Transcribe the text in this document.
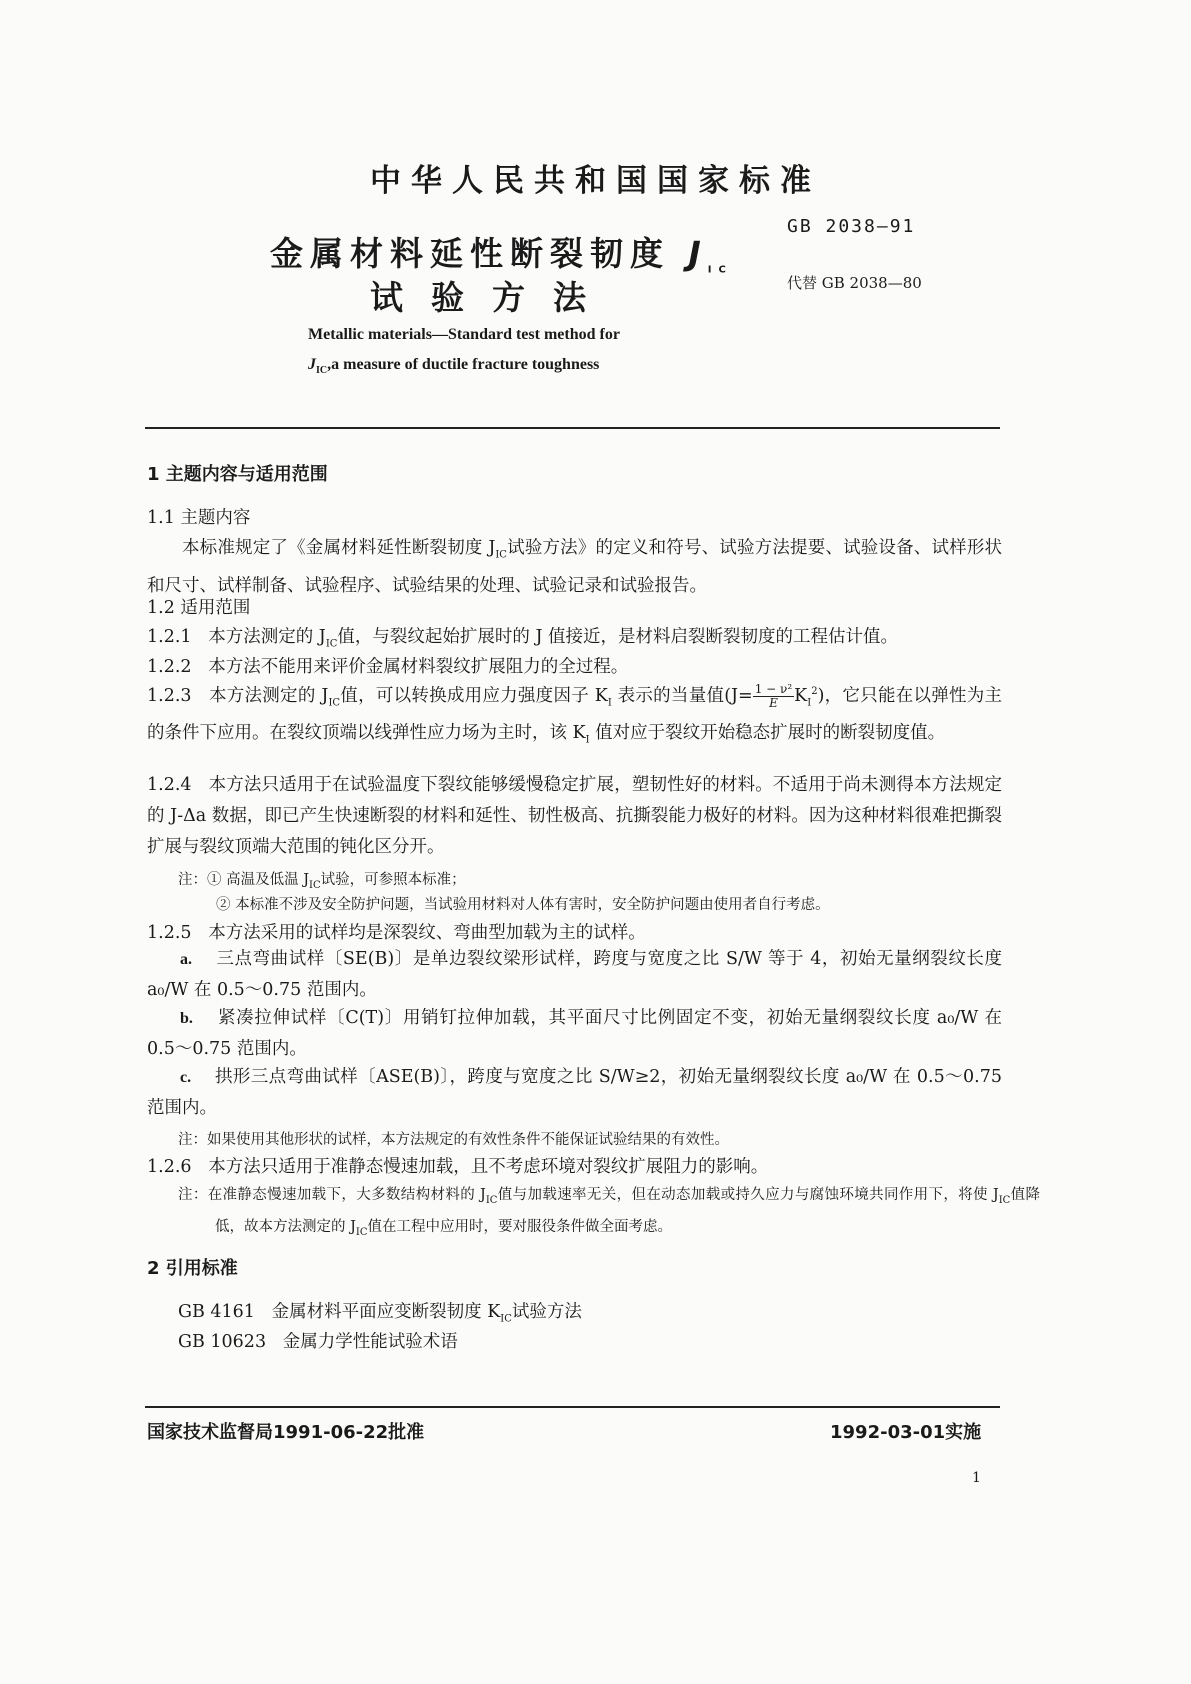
中华人民共和国国家标准
金属材料延性断裂韧度 $J_{IC}$
试验方法
GB 2038—91
代替 GB 2038—80
Metallic materials—Standard test method for
$J_{IC},a$ measure of ductile fracture toughness
1 主题内容与适用范围
1.1 主题内容
本标准规定了《金属材料延性断裂韧度 $J_{IC}$试验方法》的定义和符号、试验方法提要、试验设备、试样形状和尺寸、试样制备、试验程序、试验结果的处理、试验记录和试验报告。
1.2 适用范围
1.2.1 本方法测定的 $J_{IC}$值，与裂纹起始扩展时的 J 值接近，是材料启裂断裂韧度的工程估计值。
1.2.2 本方法不能用来评价金属材料裂纹扩展阻力的全过程。
1.2.3 本方法测定的 $J_{IC}$值，可以转换成用应力强度因子 $K_I$ 表示的当量值$(J= \frac{\text{1 − ν²}}{E} K_I^2)$，它只能在以弹性为主的条件下应用。在裂纹顶端以线弹性应力场为主时，该 $K_I$ 值对应于裂纹开始稳态扩展时的断裂韧度值。
1.2.4 本方法只适用于在试验温度下裂纹能够缓慢稳定扩展，塑韧性好的材料。不适用于尚未测得本方法规定的 J-Δa 数据，即已产生快速断裂的材料和延性、韧性极高、抗撕裂能力极好的材料。因为这种材料很难把撕裂扩展与裂纹顶端大范围的钝化区分开。
注：① 高温及低温 $J_{IC}$试验，可参照本标准；
② 本标准不涉及安全防护问题，当试验用材料对人体有害时，安全防护问题由使用者自行考虑。
1.2.5 本方法采用的试样均是深裂纹、弯曲型加载为主的试样。
a. 三点弯曲试样〔SE(B)〕是单边裂纹梁形试样，跨度与宽度之比 S/W 等于 4，初始无量纲裂纹长度 a₀/W 在 0.5～0.75 范围内。
b. 紧凑拉伸试样〔C(T)〕用销钉拉伸加载，其平面尺寸比例固定不变，初始无量纲裂纹长度 a₀/W 在 0.5～0.75 范围内。
c. 拱形三点弯曲试样〔ASE(B)〕，跨度与宽度之比 S/W≥2，初始无量纲裂纹长度 a₀/W 在 0.5～0.75范围内。
注：如果使用其他形状的试样，本方法规定的有效性条件不能保证试验结果的有效性。
1.2.6 本方法只适用于准静态慢速加载，且不考虑环境对裂纹扩展阻力的影响。
注：在准静态慢速加载下，大多数结构材料的 $J_{IC}$值与加载速率无关，但在动态加载或持久应力与腐蚀环境共同作用下，将使 $J_{IC}$值降低，故本方法测定的 $J_{IC}$值在工程中应用时，要对服役条件做全面考虑。
2 引用标准
GB 4161 金属材料平面应变断裂韧度 $K_{IC}$试验方法
GB 10623 金属力学性能试验术语
国家技术监督局1991-06-22批准	1992-03-01实施
1
